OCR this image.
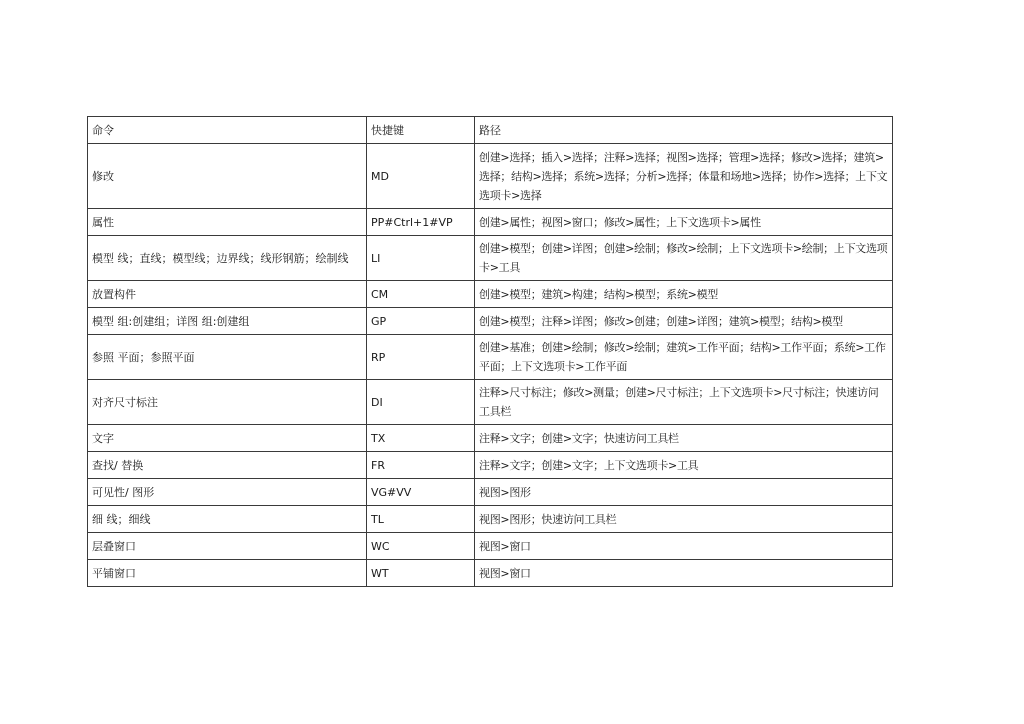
命令	快捷键	路径
修改	MD	创建>选择；插入>选择；注释>选择；视图>选择；管理>选择；修改>选择；建筑>选择；结构>选择；系统>选择；分析>选择；体量和场地>选择；协作>选择；上下文选项卡>选择
属性	PP#Ctrl+1#VP	创建>属性；视图>窗口；修改>属性；上下文选项卡>属性
模型 线；直线；模型线；边界线；线形钢筋；绘制线	LI	创建>模型；创建>详图；创建>绘制；修改>绘制；上下文选项卡>绘制；上下文选项卡>工具
放置构件	CM	创建>模型；建筑>构建；结构>模型；系统>模型
模型 组:创建组；详图 组:创建组	GP	创建>模型；注释>详图；修改>创建；创建>详图；建筑>模型；结构>模型
参照 平面；参照平面	RP	创建>基准；创建>绘制；修改>绘制；建筑>工作平面；结构>工作平面；系统>工作平面；上下文选项卡>工作平面
对齐尺寸标注	DI	注释>尺寸标注；修改>测量；创建>尺寸标注；上下文选项卡>尺寸标注；快速访问工具栏
文字	TX	注释>文字；创建>文字；快速访问工具栏
查找/ 替换	FR	注释>文字；创建>文字；上下文选项卡>工具
可见性/ 图形	VG#VV	视图>图形
细 线；细线	TL	视图>图形；快速访问工具栏
层叠窗口	WC	视图>窗口
平铺窗口	WT	视图>窗口
